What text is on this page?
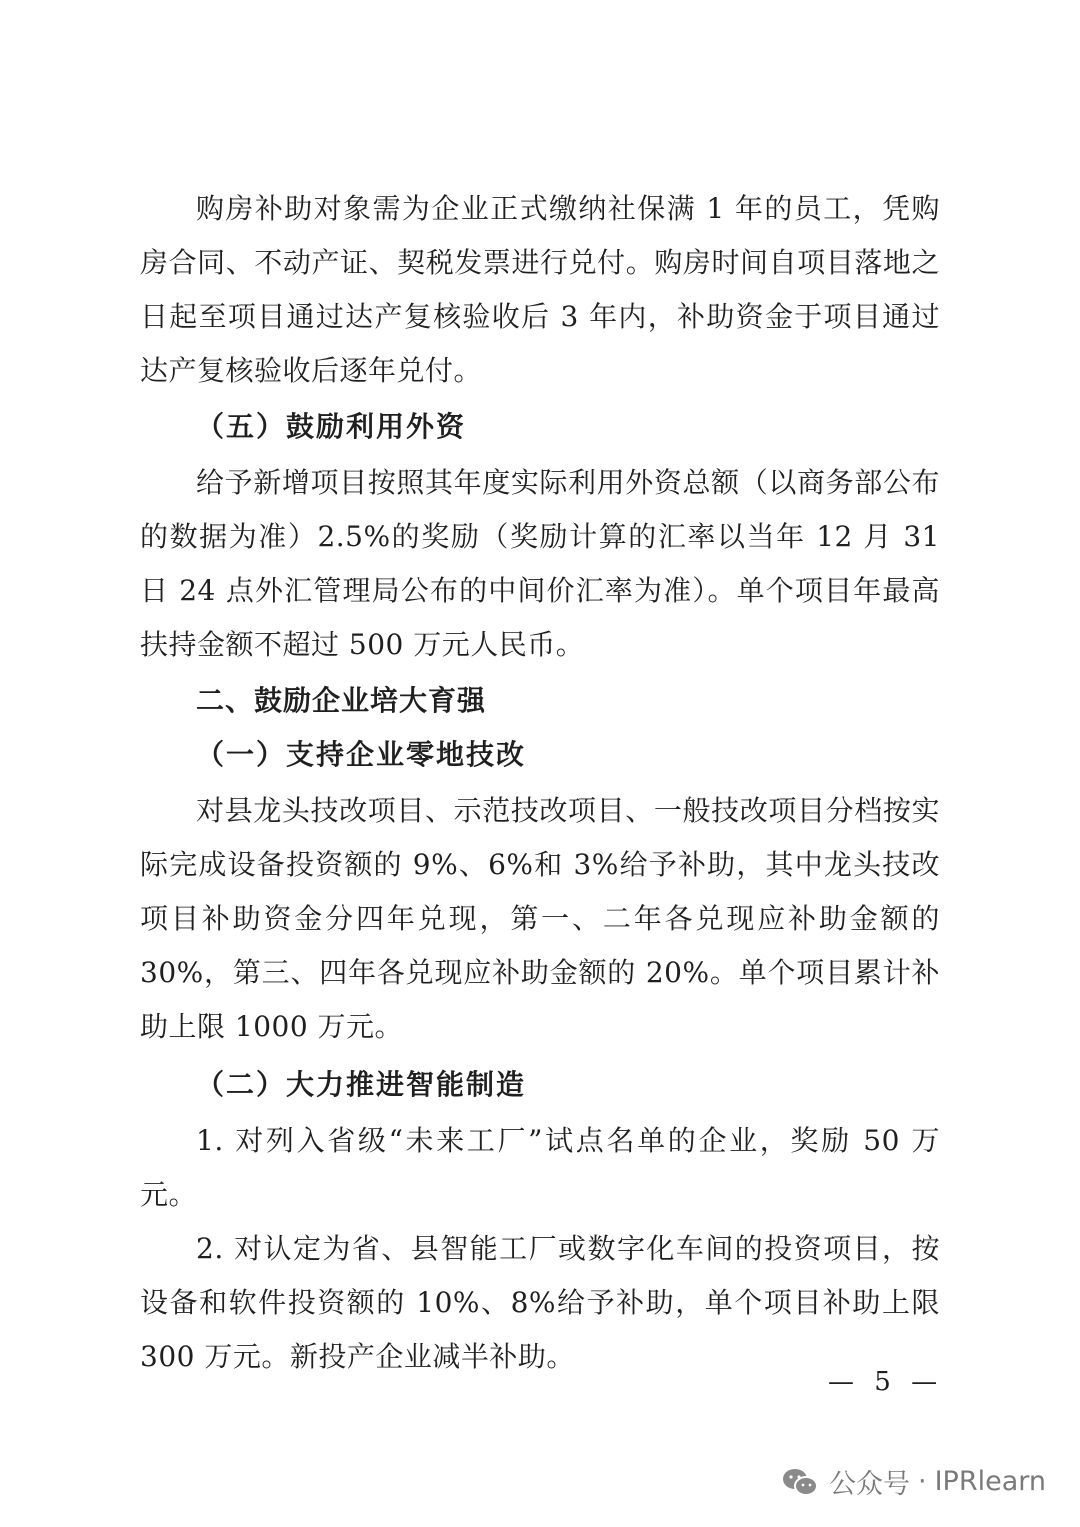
购房补助对象需为企业正式缴纳社保满 1 年的员工，凭购房合同、不动产证、契税发票进行兑付。购房时间自项目落地之日起至项目通过达产复核验收后 3 年内，补助资金于项目通过达产复核验收后逐年兑付。

（五）鼓励利用外资

给予新增项目按照其年度实际利用外资总额（以商务部公布的数据为准）2.5%的奖励（奖励计算的汇率以当年 12 月 31 日 24 点外汇管理局公布的中间价汇率为准）。单个项目年最高扶持金额不超过 500 万元人民币。

二、鼓励企业培大育强

（一）支持企业零地技改

对县龙头技改项目、示范技改项目、一般技改项目分档按实际完成设备投资额的 9%、6%和 3%给予补助，其中龙头技改项目补助资金分四年兑现，第一、二年各兑现应补助金额的 30%，第三、四年各兑现应补助金额的 20%。单个项目累计补助上限 1000 万元。

（二）大力推进智能制造

1. 对列入省级“未来工厂”试点名单的企业，奖励 50 万元。

2. 对认定为省、县智能工厂或数字化车间的投资项目，按设备和软件投资额的 10%、8%给予补助，单个项目补助上限 300 万元。新投产企业减半补助。

— 5 —
公众号 · IPRlearn
